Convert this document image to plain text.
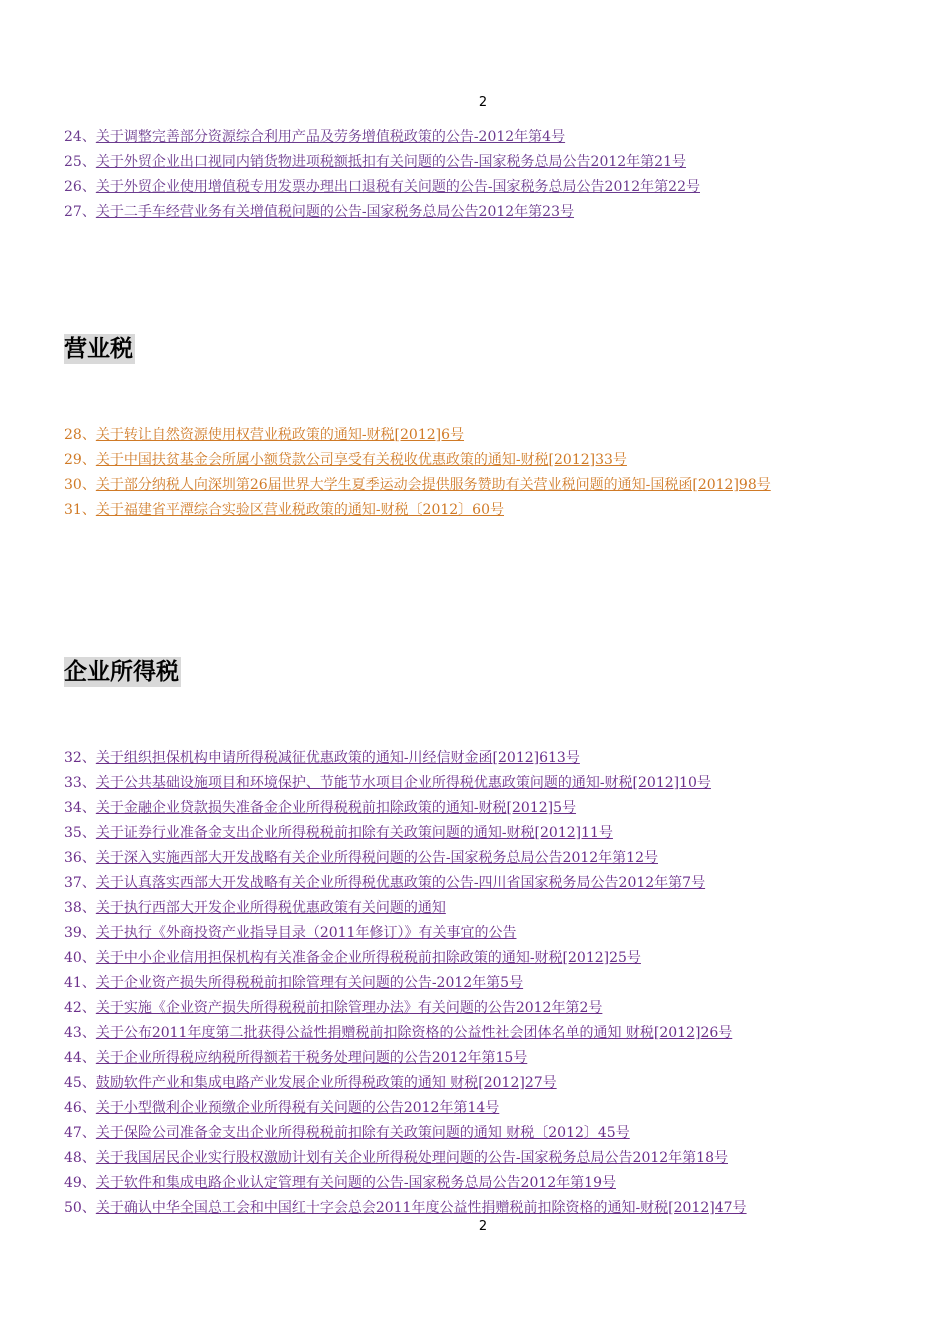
2
24、关于调整完善部分资源综合利用产品及劳务增值税政策的公告-2012年第4号
25、关于外贸企业出口视同内销货物进项税额抵扣有关问题的公告-国家税务总局公告2012年第21号
26、关于外贸企业使用增值税专用发票办理出口退税有关问题的公告-国家税务总局公告2012年第22号
27、关于二手车经营业务有关增值税问题的公告-国家税务总局公告2012年第23号
营业税
28、关于转让自然资源使用权营业税政策的通知-财税[2012]6号
29、关于中国扶贫基金会所属小额贷款公司享受有关税收优惠政策的通知-财税[2012]33号
30、关于部分纳税人向深圳第26届世界大学生夏季运动会提供服务赞助有关营业税问题的通知-国税函[2012]98号
31、关于福建省平潭综合实验区营业税政策的通知-财税〔2012〕60号
企业所得税
32、关于组织担保机构申请所得税减征优惠政策的通知-川经信财金函[2012]613号
33、关于公共基础设施项目和环境保护、节能节水项目企业所得税优惠政策问题的通知-财税[2012]10号
34、关于金融企业贷款损失准备金企业所得税税前扣除政策的通知-财税[2012]5号
35、关于证券行业准备金支出企业所得税税前扣除有关政策问题的通知-财税[2012]11号
36、关于深入实施西部大开发战略有关企业所得税问题的公告-国家税务总局公告2012年第12号
37、关于认真落实西部大开发战略有关企业所得税优惠政策的公告-四川省国家税务局公告2012年第7号
38、关于执行西部大开发企业所得税优惠政策有关问题的通知
39、关于执行《外商投资产业指导目录（2011年修订）》有关事宜的公告
40、关于中小企业信用担保机构有关准备金企业所得税税前扣除政策的通知-财税[2012]25号
41、关于企业资产损失所得税税前扣除管理有关问题的公告-2012年第5号
42、关于实施《企业资产损失所得税税前扣除管理办法》有关问题的公告2012年第2号
43、关于公布2011年度第二批获得公益性捐赠税前扣除资格的公益性社会团体名单的通知 财税[2012]26号
44、关于企业所得税应纳税所得额若干税务处理问题的公告2012年第15号
45、鼓励软件产业和集成电路产业发展企业所得税政策的通知 财税[2012]27号
46、关于小型微利企业预缴企业所得税有关问题的公告2012年第14号
47、关于保险公司准备金支出企业所得税税前扣除有关政策问题的通知 财税〔2012〕45号
48、关于我国居民企业实行股权激励计划有关企业所得税处理问题的公告-国家税务总局公告2012年第18号
49、关于软件和集成电路企业认定管理有关问题的公告-国家税务总局公告2012年第19号
50、关于确认中华全国总工会和中国红十字会总会2011年度公益性捐赠税前扣除资格的通知-财税[2012]47号
2
